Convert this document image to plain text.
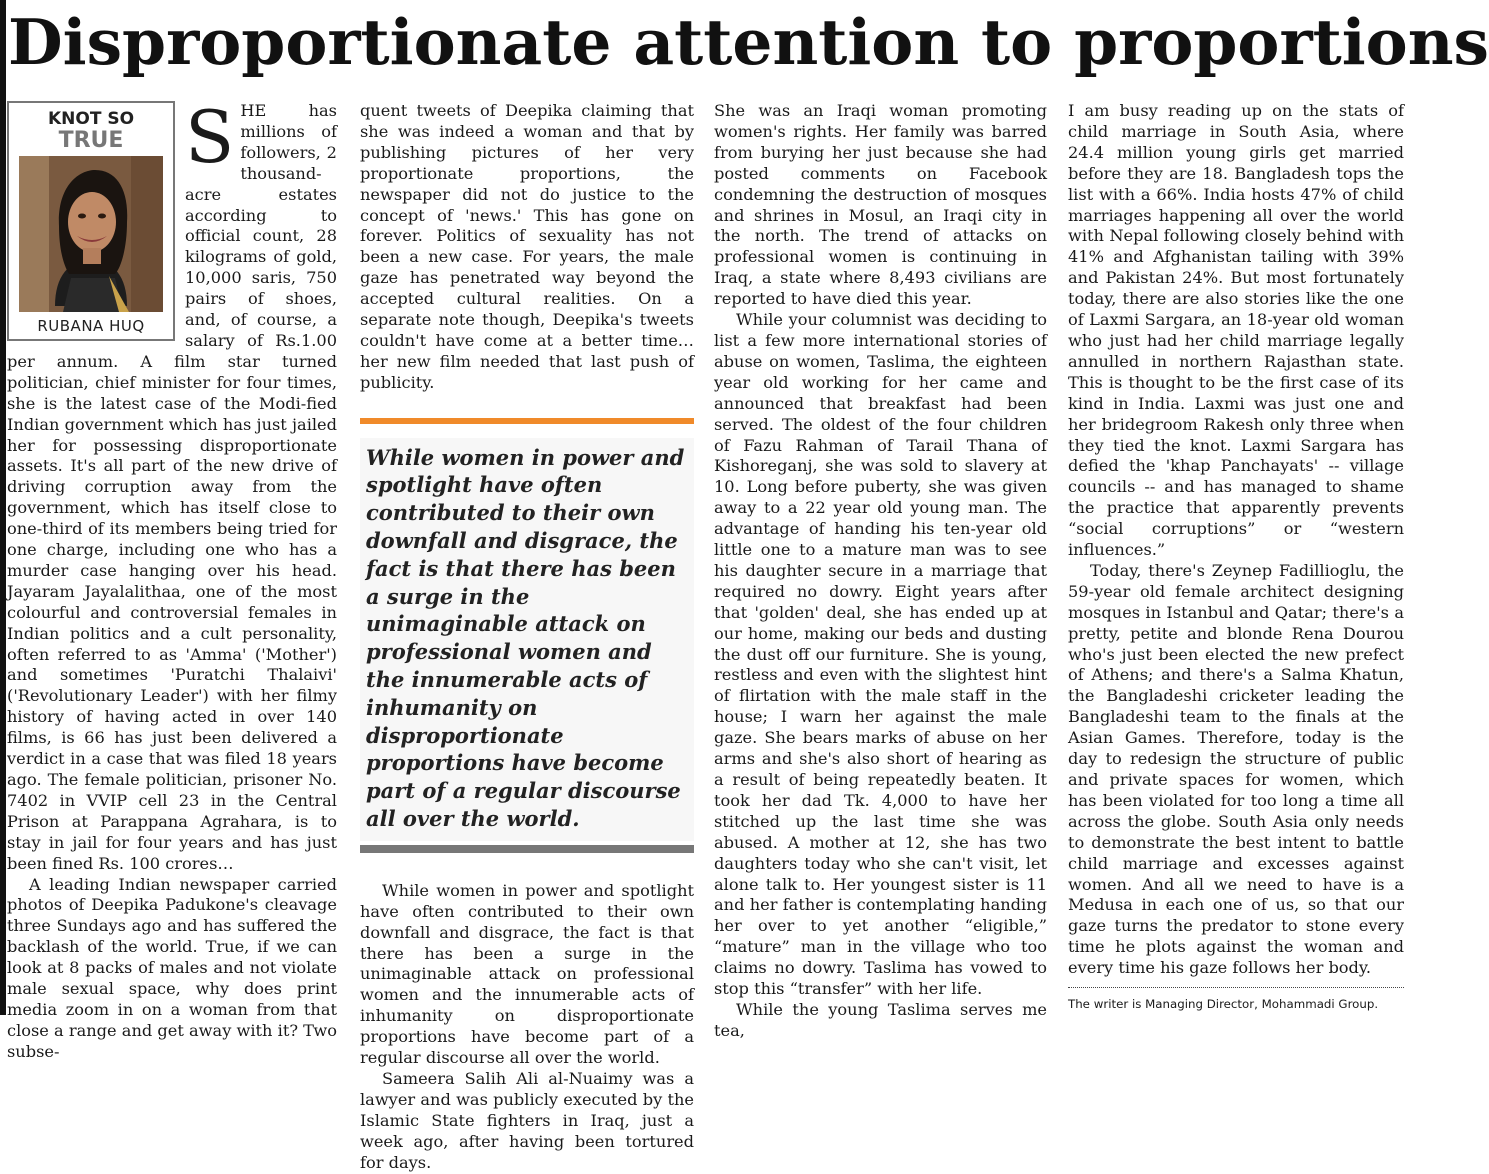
Disproportionate attention to proportions
KNOT SO
TRUE
RUBANA HUQ
S HE has millions of followers, 2 thousand-acre estates according to official count, 28 kilograms of gold, 10,000 saris, 750 pairs of shoes, and, of course, a salary of Rs.1.00 per annum. A film star turned politician, chief minister for four times, she is the latest case of the Modi-fied Indian government which has just jailed her for possessing disproportionate assets. It's all part of the new drive of driving corruption away from the government, which has itself close to one-third of its members being tried for one charge, including one who has a murder case hanging over his head. Jayaram Jayalalithaa, one of the most colourful and controversial females in Indian politics and a cult personality, often referred to as 'Amma' ('Mother') and sometimes 'Puratchi Thalaivi' ('Revolutionary Leader') with her filmy history of having acted in over 140 films, is 66 has just been delivered a verdict in a case that was filed 18 years ago. The female politician, prisoner No. 7402 in VVIP cell 23 in the Central Prison at Parappana Agrahara, is to stay in jail for four years and has just been fined Rs. 100 crores…

A leading Indian newspaper carried photos of Deepika Padukone's cleavage three Sundays ago and has suffered the backlash of the world. True, if we can look at 8 packs of males and not violate male sexual space, why does print media zoom in on a woman from that close a range and get away with it? Two subse-

quent tweets of Deepika claiming that she was indeed a woman and that by publishing pictures of her very proportionate proportions, the newspaper did not do justice to the concept of 'news.' This has gone on forever. Politics of sexuality has not been a new case. For years, the male gaze has penetrated way beyond the accepted cultural realities. On a separate note though, Deepika's tweets couldn't have come at a better time… her new film needed that last push of publicity.

While women in power and spotlight have often contributed to their own downfall and disgrace, the fact is that there has been a surge in the unimaginable attack on professional women and the innumerable acts of inhumanity on disproportionate proportions have become part of a regular discourse all over the world.

While women in power and spotlight have often contributed to their own downfall and disgrace, the fact is that there has been a surge in the unimaginable attack on professional women and the innumerable acts of inhumanity on disproportionate proportions have become part of a regular discourse all over the world.

Sameera Salih Ali al-Nuaimy was a lawyer and was publicly executed by the Islamic State fighters in Iraq, just a week ago, after having been tortured for days.

She was an Iraqi woman promoting women's rights. Her family was barred from burying her just because she had posted comments on Facebook condemning the destruction of mosques and shrines in Mosul, an Iraqi city in the north. The trend of attacks on professional women is continuing in Iraq, a state where 8,493 civilians are reported to have died this year.

While your columnist was deciding to list a few more international stories of abuse on women, Taslima, the eighteen year old working for her came and announced that breakfast had been served. The oldest of the four children of Fazu Rahman of Tarail Thana of Kishoreganj, she was sold to slavery at 10. Long before puberty, she was given away to a 22 year old young man. The advantage of handing his ten-year old little one to a mature man was to see his daughter secure in a marriage that required no dowry. Eight years after that 'golden' deal, she has ended up at our home, making our beds and dusting the dust off our furniture. She is young, restless and even with the slightest hint of flirtation with the male staff in the house; I warn her against the male gaze. She bears marks of abuse on her arms and she's also short of hearing as a result of being repeatedly beaten. It took her dad Tk. 4,000 to have her stitched up the last time she was abused. A mother at 12, she has two daughters today who she can't visit, let alone talk to. Her youngest sister is 11 and her father is contemplating handing her over to yet another “eligible,” “mature” man in the village who too claims no dowry. Taslima has vowed to stop this “transfer” with her life.

While the young Taslima serves me tea,

I am busy reading up on the stats of child marriage in South Asia, where 24.4 million young girls get married before they are 18. Bangladesh tops the list with a 66%. India hosts 47% of child marriages happening all over the world with Nepal following closely behind with 41% and Afghanistan tailing with 39% and Pakistan 24%. But most fortunately today, there are also stories like the one of Laxmi Sargara, an 18-year old woman who just had her child marriage legally annulled in northern Rajasthan state. This is thought to be the first case of its kind in India. Laxmi was just one and her bridegroom Rakesh only three when they tied the knot. Laxmi Sargara has defied the 'khap Panchayats' -- village councils -- and has managed to shame the practice that apparently prevents “social corruptions” or “western influences.”

Today, there's Zeynep Fadillioglu, the 59-year old female architect designing mosques in Istanbul and Qatar; there's a pretty, petite and blonde Rena Dourou who's just been elected the new prefect of Athens; and there's a Salma Khatun, the Bangladeshi cricketer leading the Bangladeshi team to the finals at the Asian Games. Therefore, today is the day to redesign the structure of public and private spaces for women, which has been violated for too long a time all across the globe. South Asia only needs to demonstrate the best intent to battle child marriage and excesses against women. And all we need to have is a Medusa in each one of us, so that our gaze turns the predator to stone every time he plots against the woman and every time his gaze follows her body.

The writer is Managing Director, Mohammadi Group.
